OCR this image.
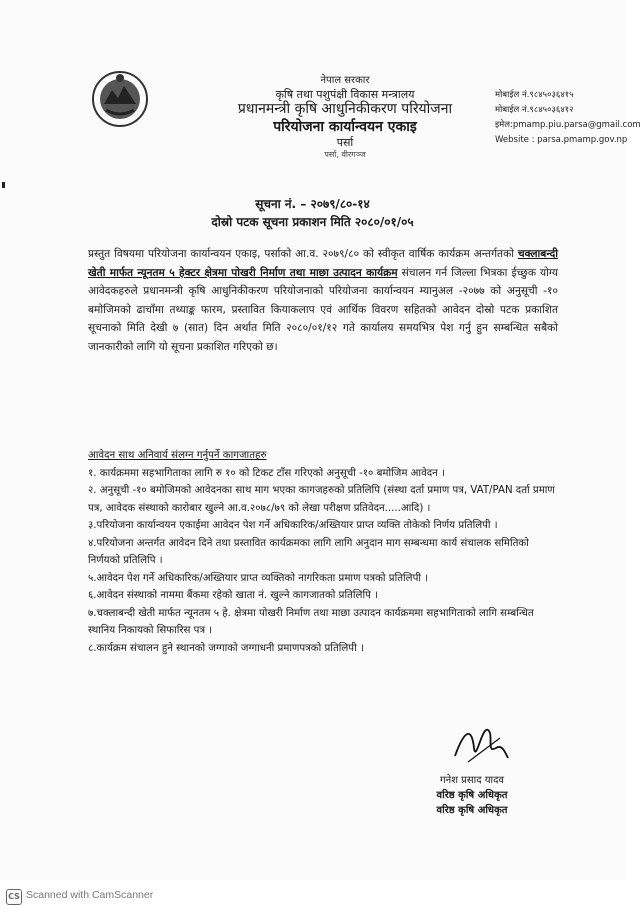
नेपाल सरकार
कृषि तथा पशुपंक्षी विकास मन्त्रालय
प्रधानमन्त्री कृषि आधुनिकीकरण परियोजना
परियोजना कार्यान्वयन एकाइ
पर्सा
पर्सा, वीरगञ्ज
मोबाईल नं.९८४५०३६४१५
मोबाईल नं.९८४५०३६४१२
इमेल:pmamp.piu.parsa@gmail.com
Website : parsa.pmamp.gov.np
सूचना नं. – २०७९/८०-१४
दोस्रो पटक सूचना प्रकाशन मिति २०८०/०१/०५
प्रस्तुत विषयमा परियोजना कार्यान्वयन एकाइ, पर्साको आ.व. २०७९/८० को स्वीकृत वार्षिक कार्यक्रम अन्तर्गतको चक्लाबन्दी खेती मार्फत न्यूनतम ५ हेक्टर क्षेत्रमा पोखरी निर्माण तथा माछा उत्पादन कार्यक्रम संचालन गर्न जिल्ला भित्रका ईच्छुक योग्य आवेदकहरुले प्रधानमन्त्री कृषि आधुनिकीकरण परियोजनाको परियोजना कार्यान्वयन म्यानुअल -२०७७ को अनुसूची -१० बमोजिमको ढाचाँमा तथ्याङ्क फारम, प्रस्तावित कियाकलाप एवं आर्थिक विवरण सहितको आवेदन दोस्रो पटक प्रकाशित सूचनाको मिति देखी ७ (सात) दिन अर्थात मिति २०८०/०१/१२ गते कार्यालय समयभित्र पेश गर्नु हुन सम्बन्धित सबैको जानकारीको लागि यो सूचना प्रकाशित गरिएको छ।
आवेदन साथ अनिवार्य संलग्न गर्नुपर्ने कागजातहरु
१. कार्यक्रममा सहभागिताका लागि रु १० को टिकट टाँस गरिएको अनुसूची -१० बमोजिम आवेदन ।
२. अनुसूची -१० बमोजिमको आवेदनका साथ माग भएका कागजहरुको प्रतिलिपि (संस्था दर्ता प्रमाण पत्र, VAT/PAN दर्ता प्रमाण पत्र, आवेदक संस्थाको कारोबार खुल्ने आ.व.२०७८/७९ को लेखा परीक्षण प्रतिवेदन.....आदि) ।
३.परियोजना कार्यान्वयन एकाईमा आवेदन पेश गर्ने अधिकारिक/अख्तियार प्राप्त व्यक्ति तोकेको निर्णय प्रतिलिपी ।
४.परियोजना अन्तर्गत आवेदन दिने तथा प्रस्तावित कार्यक्रमका लागि लागि अनुदान माग सम्बन्धमा कार्य संचालक समितिको निर्णयको प्रतिलिपि ।
५.आवेदन पेश गर्ने अधिकारिक/अख्तियार प्राप्त व्यक्तिको नागरिकता प्रमाण पत्रको प्रतिलिपी ।
६.आवेदन संस्थाको नाममा बैंकमा रहेको खाता नं. खुल्ने कागजातको प्रतिलिपि ।
७.चक्लाबन्दी खेती मार्फत न्यूनतम ५ हे. क्षेत्रमा पोखरी निर्माण तथा माछा उत्पादन कार्यक्रममा सहभागिताको लागि सम्बन्धित स्थानिय निकायको सिफारिस पत्र ।
८.कार्यक्रम संचालन हुने स्थानको जग्गाको जग्गाधनी प्रमाणपत्रको प्रतिलिपी ।
गनेश प्रसाद यादव
वरिष्ठ कृषि अधिकृत
वरिष्ठ कृषि अधिकृत
CS Scanned with CamScanner
